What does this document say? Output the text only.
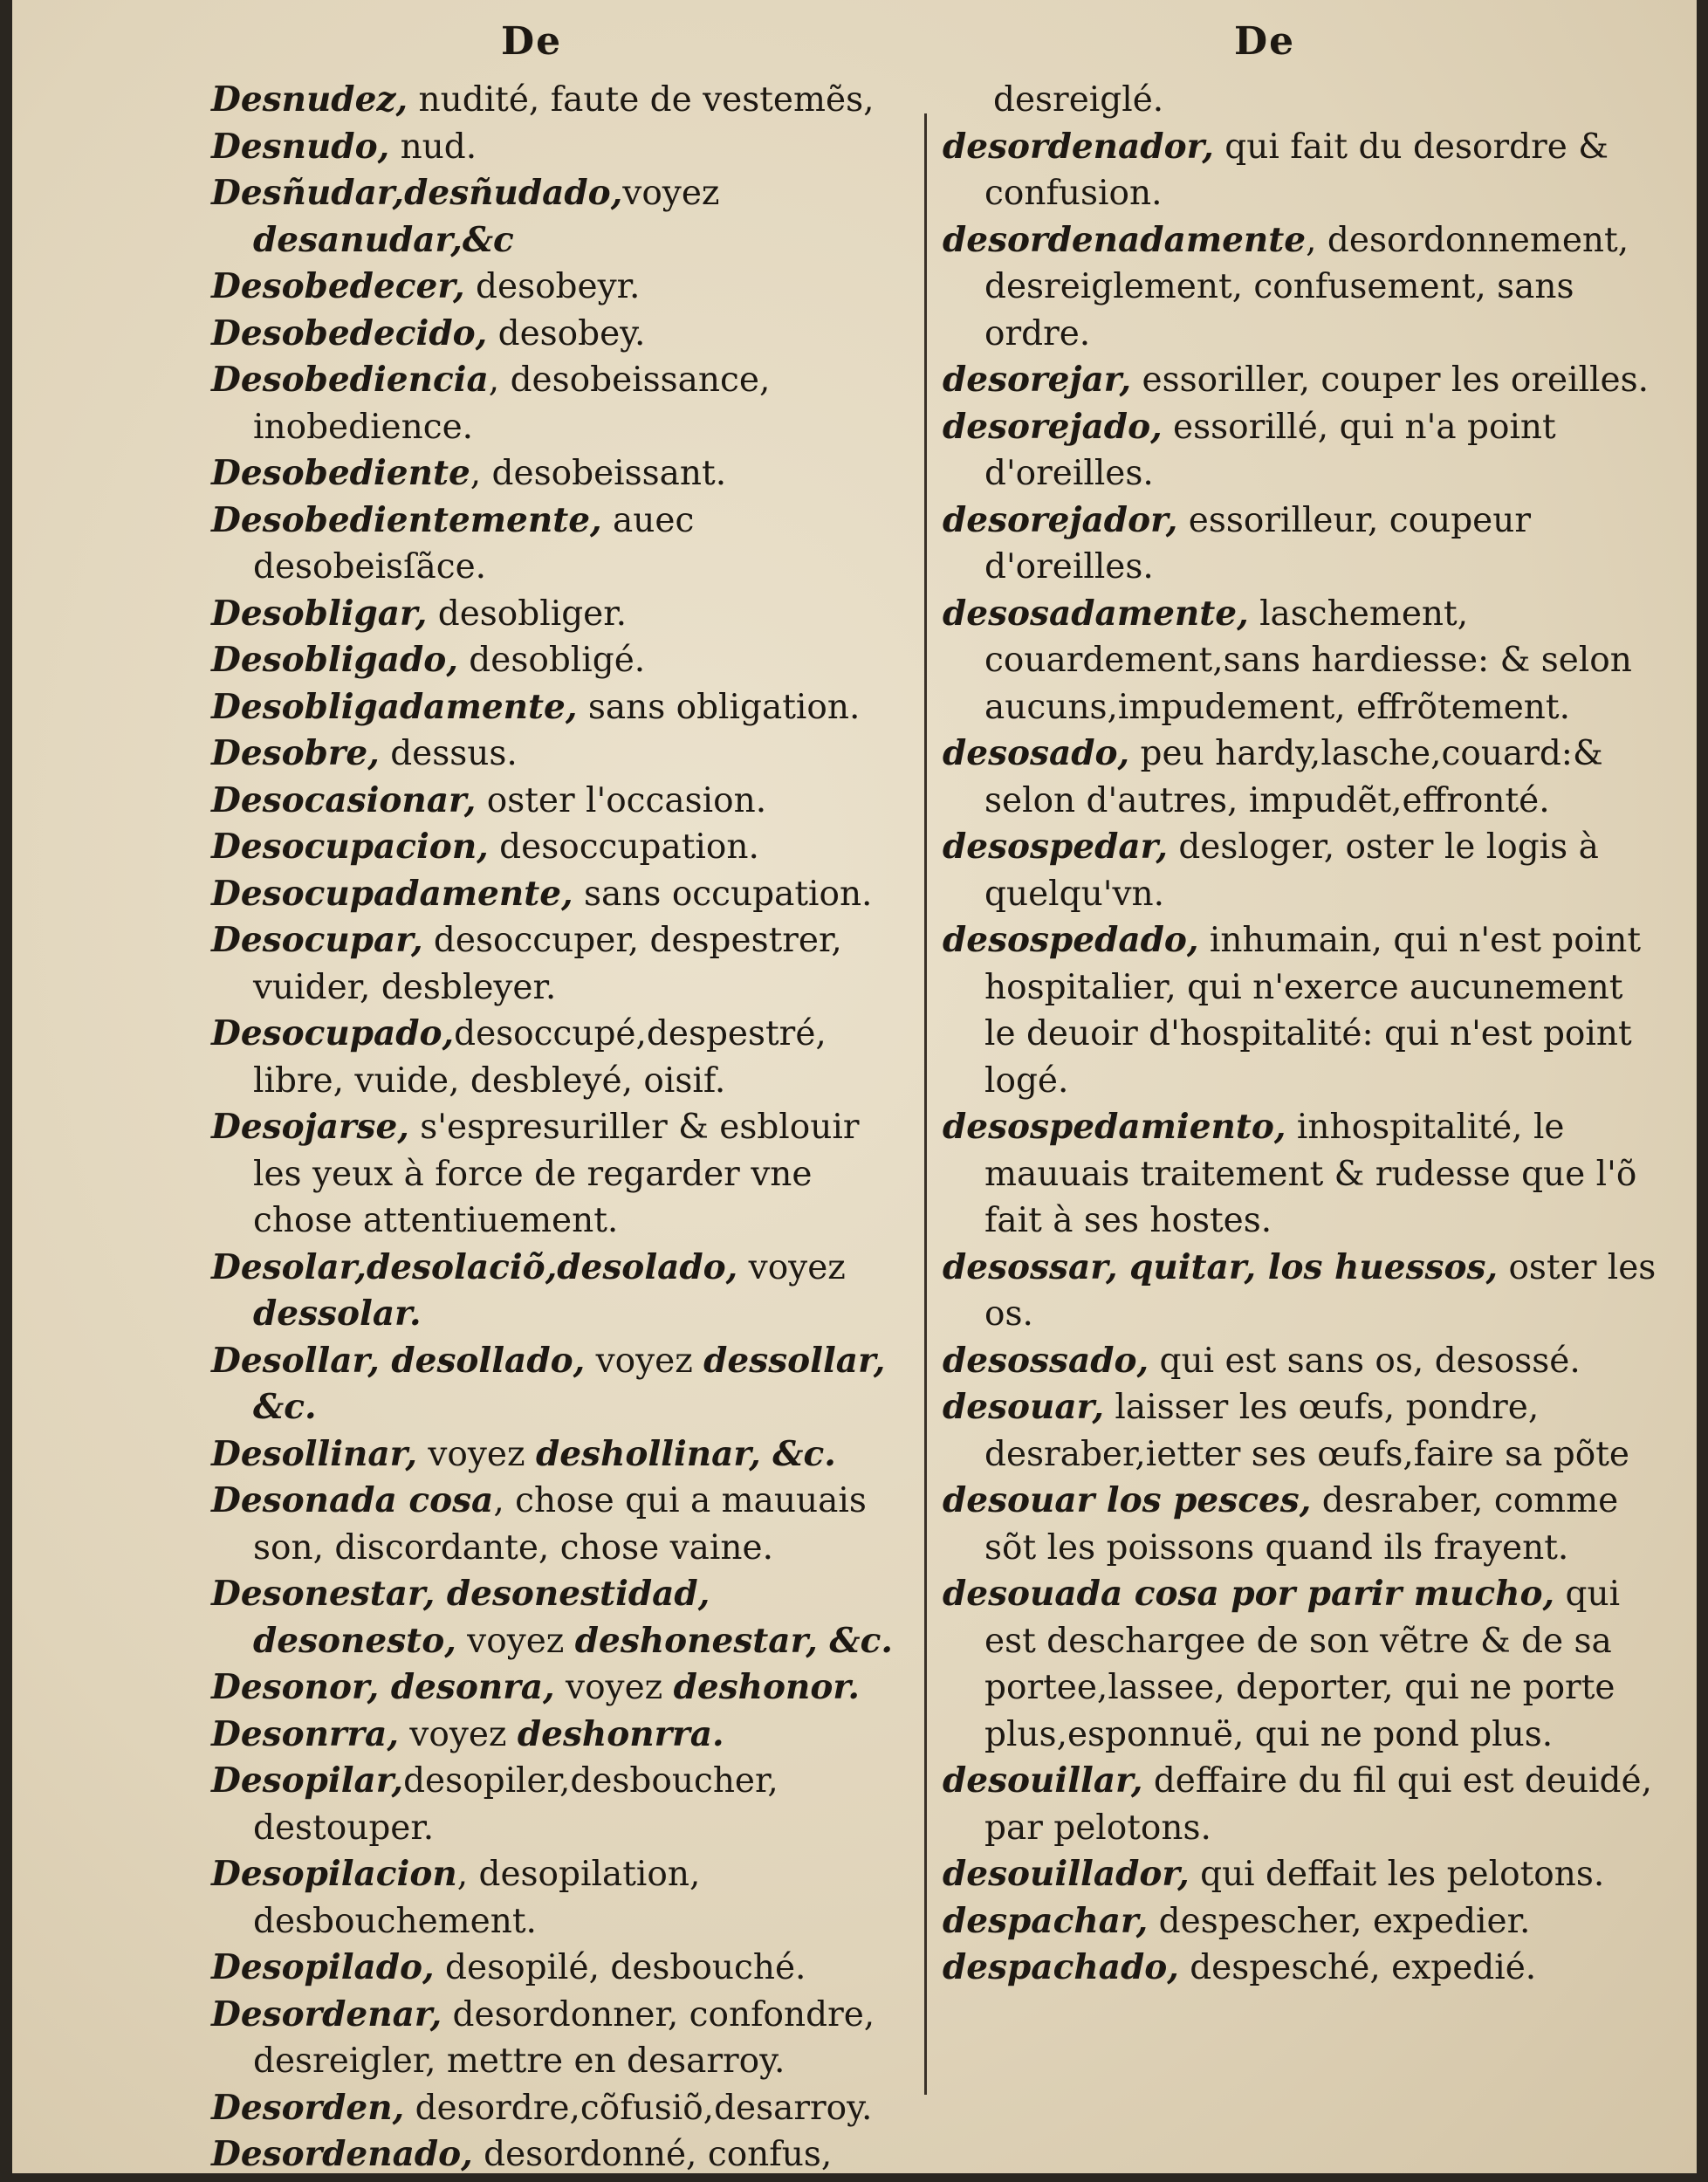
De	De

Desnudez, nudité, faute de vestemẽs,

Desnudo, nud.

Desñudar,desñudado,voyez desanudar,&c

Desobedecer, desobeyr.

Desobedecido, desobey.

Desobediencia, desobeissance, inobedience.

Desobediente, desobeissant.

Desobedientemente, auec desobeisſãce.

Desobligar, desobliger.

Desobligado, desobligé.

Desobligadamente, sans obligation.

Desobre, dessus.

Desocasionar, oster l'occasion.

Desocupacion, desoccupation.

Desocupadamente, sans occupation.

Desocupar, desoccuper, despestrer, vuider, desbleyer.

Desocupado,desoccupé,despestré, libre, vuide, desbleyé, oisif.

Desojarse, s'espresuriller & esblouir les yeux à force de regarder vne chose attentiuement.

Desolar,desolaciõ,desolado, voyez dessolar.

Desollar, desollado, voyez dessollar, &c.

Desollinar, voyez deshollinar, &c.

Desonada cosa, chose qui a mauuais son, discordante, chose vaine.

Desonestar, desonestidad, desonesto, voyez deshonestar, &c.

Desonor, desonra, voyez deshonor.

Desonrra, voyez deshonrra.

Desopilar,desopiler,desboucher, destouper.

Desopilacion, desopilation, desbouchement.

Desopilado, desopilé, desbouché.

Desordenar, desordonner, confondre, desreigler, mettre en desarroy.

Desorden, desordre,cõfusiõ,desarroy.

Desordenado, desordonné, confus,

desreiglé.

desordenador, qui fait du desordre & confusion.

desordenadamente, desordonnement, desreiglement, confusement, sans ordre.

desorejar, essoriller, couper les oreilles.

desorejado, essorillé, qui n'a point d'oreilles.

desorejador, essorilleur, coupeur d'oreilles.

desosadamente, laschement, couardement,sans hardiesse: & selon aucuns,impudement, effrõtement.

desosado, peu hardy,lasche,couard:& selon d'autres, impudẽt,effronté.

desospedar, desloger, oster le logis à quelqu'vn.

desospedado, inhumain, qui n'est point hospitalier, qui n'exerce aucunement le deuoir d'hospitalité: qui n'est point logé.

desospedamiento, inhospitalité, le mauuais traitement & rudesse que l'õ fait à ses hostes.

desossar, quitar, los huessos, oster les os.

desossado, qui est sans os, desossé.

desouar, laisser les œufs, pondre, desraber,ietter ses œufs,faire sa põte

desouar los pesces, desraber, comme sõt les poissons quand ils frayent.

desouada cosa por parir mucho, qui est deschargee de son vẽtre & de sa portee,lassee, deporter, qui ne porte plus,esponnuë, qui ne pond plus.

desouillar, deffaire du fil qui est deuidé, par pelotons.

desouillador, qui deffait les pelotons.

despachar, despescher, expedier.

despachado, despesché, expedié.
